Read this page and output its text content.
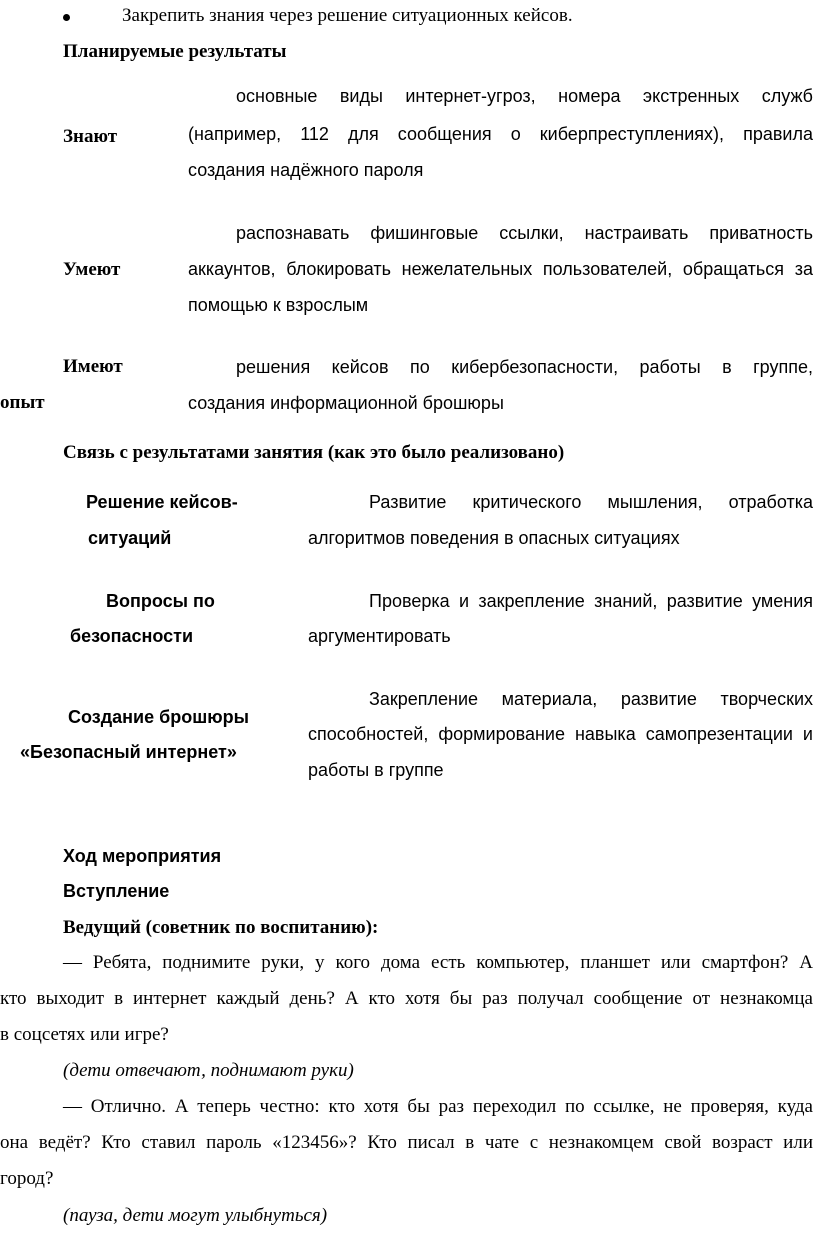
Закрепить знания через решение ситуационных кейсов.
Планируемые результаты
Знают
основные виды интернет-угроз, номера экстренных служб
(например, 112 для сообщения о киберпреступлениях), правила
создания надёжного пароля
Умеют
распознавать фишинговые ссылки, настраивать приватность
аккаунтов, блокировать нежелательных пользователей, обращаться за
помощью к взрослым
Имеют
опыт
решения кейсов по кибербезопасности, работы в группе,
создания информационной брошюры
Связь с результатами занятия (как это было реализовано)
Решение кейсов-
ситуаций
Развитие критического мышления, отработка
алгоритмов поведения в опасных ситуациях
Вопросы по
безопасности
Проверка и закрепление знаний, развитие умения
аргументировать
Создание брошюры
«Безопасный интернет»
Закрепление материала, развитие творческих
способностей, формирование навыка самопрезентации и
работы в группе
Ход мероприятия
Вступление
Ведущий (советник по воспитанию):
— Ребята, поднимите руки, у кого дома есть компьютер, планшет или смартфон? А
кто выходит в интернет каждый день? А кто хотя бы раз получал сообщение от незнакомца
в соцсетях или игре?
(дети отвечают, поднимают руки)
— Отлично. А теперь честно: кто хотя бы раз переходил по ссылке, не проверяя, куда
она ведёт? Кто ставил пароль «123456»? Кто писал в чате с незнакомцем свой возраст или
город?
(пауза, дети могут улыбнуться)
